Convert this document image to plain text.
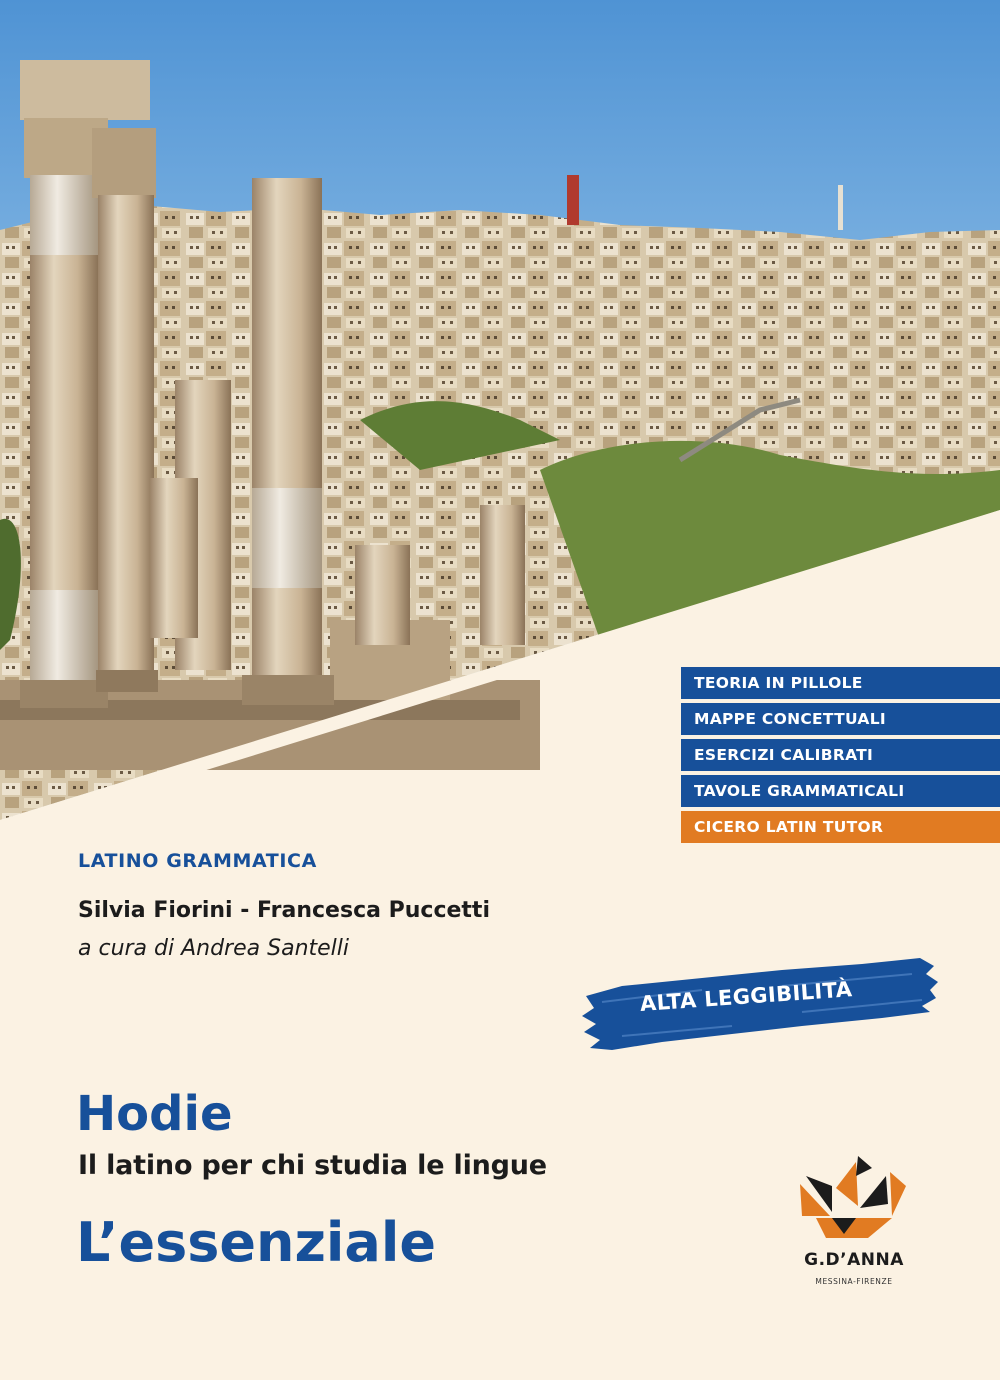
TEORIA IN PILLOLE
MAPPE CONCETTUALI
ESERCIZI CALIBRATI
TAVOLE GRAMMATICALI
CICERO LATIN TUTOR
LATINO GRAMMATICA
Silvia Fiorini - Francesca Puccetti
a cura di Andrea Santelli
ALTA LEGGIBILITÀ
Hodie
Il latino per chi studia le lingue
L’essenziale	G.D’ANNA
MESSINA-FIRENZE
